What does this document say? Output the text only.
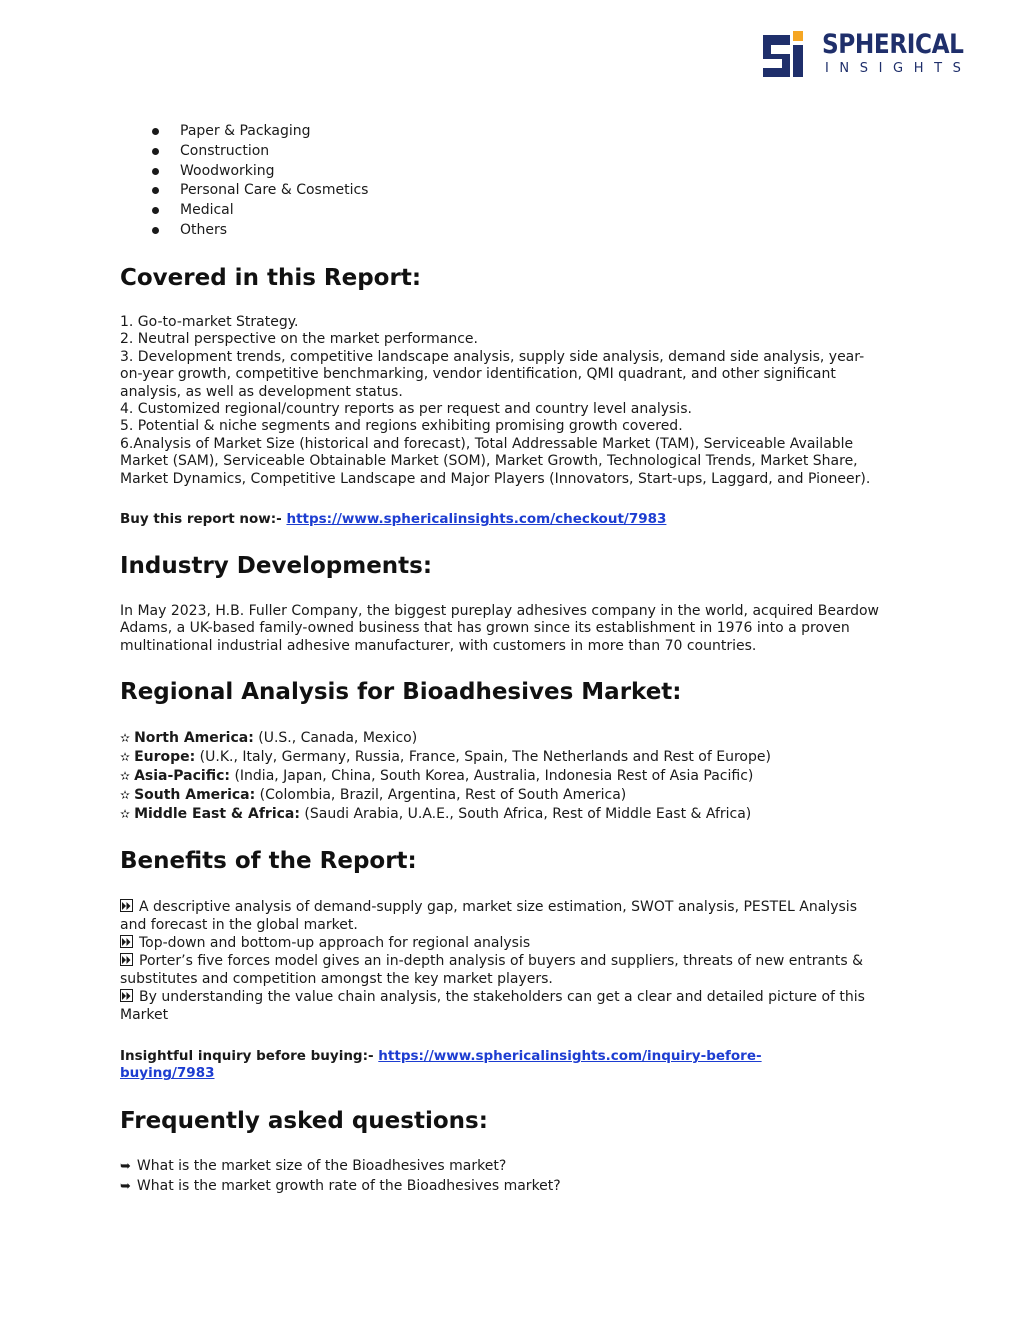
SPHERICAL
INSIGHTS
Paper & Packaging
Construction
Woodworking
Personal Care & Cosmetics
Medical
Others
Covered in this Report:
1. Go-to-market Strategy.
2. Neutral perspective on the market performance.
3. Development trends, competitive landscape analysis, supply side analysis, demand side analysis, year-
on-year growth, competitive benchmarking, vendor identification, QMI quadrant, and other significant
analysis, as well as development status.
4. Customized regional/country reports as per request and country level analysis.
5. Potential & niche segments and regions exhibiting promising growth covered.
6.Analysis of Market Size (historical and forecast), Total Addressable Market (TAM), Serviceable Available
Market (SAM), Serviceable Obtainable Market (SOM), Market Growth, Technological Trends, Market Share,
Market Dynamics, Competitive Landscape and Major Players (Innovators, Start-ups, Laggard, and Pioneer).
Buy this report now:- https://www.sphericalinsights.com/checkout/7983
Industry Developments:
In May 2023, H.B. Fuller Company, the biggest pureplay adhesives company in the world, acquired Beardow
Adams, a UK-based family-owned business that has grown since its establishment in 1976 into a proven
multinational industrial adhesive manufacturer, with customers in more than 70 countries.
Regional Analysis for Bioadhesives Market:
✫ North America: (U.S., Canada, Mexico)
✫ Europe: (U.K., Italy, Germany, Russia, France, Spain, The Netherlands and Rest of Europe)
✫ Asia-Pacific: (India, Japan, China, South Korea, Australia, Indonesia Rest of Asia Pacific)
✫ South America: (Colombia, Brazil, Argentina, Rest of South America)
✫ Middle East & Africa: (Saudi Arabia, U.A.E., South Africa, Rest of Middle East & Africa)
Benefits of the Report:
A descriptive analysis of demand-supply gap, market size estimation, SWOT analysis, PESTEL Analysis
and forecast in the global market.
Top-down and bottom-up approach for regional analysis
Porter’s five forces model gives an in-depth analysis of buyers and suppliers, threats of new entrants &
substitutes and competition amongst the key market players.
By understanding the value chain analysis, the stakeholders can get a clear and detailed picture of this
Market
Insightful inquiry before buying:- https://www.sphericalinsights.com/inquiry-before-
buying/7983
Frequently asked questions:
➥ What is the market size of the Bioadhesives market?
➥ What is the market growth rate of the Bioadhesives market?
